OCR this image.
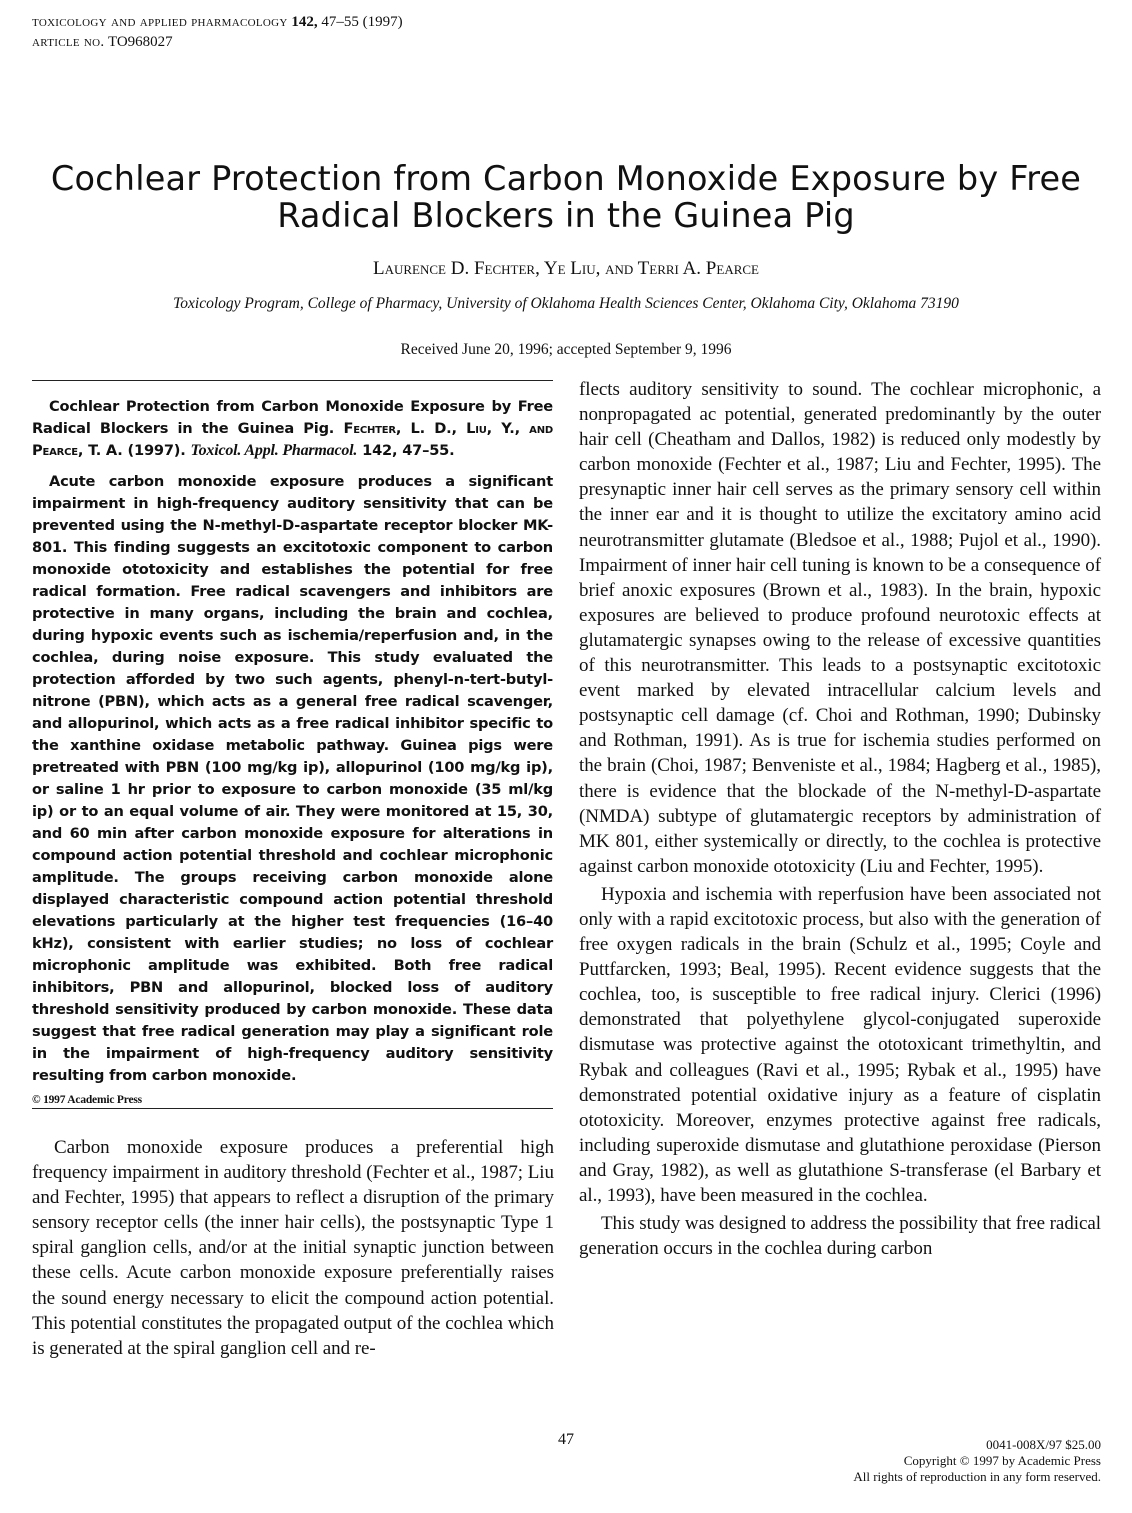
toxicology and applied pharmacology 142, 47–55 (1997)
article no. TO968027
Cochlear Protection from Carbon Monoxide Exposure by Free Radical Blockers in the Guinea Pig
Laurence D. Fechter, Ye Liu, and Terri A. Pearce
Toxicology Program, College of Pharmacy, University of Oklahoma Health Sciences Center, Oklahoma City, Oklahoma 73190
Received June 20, 1996; accepted September 9, 1996

Cochlear Protection from Carbon Monoxide Exposure by Free Radical Blockers in the Guinea Pig. Fechter, L. D., Liu, Y., and Pearce, T. A. (1997). Toxicol. Appl. Pharmacol. 142, 47–55.

Acute carbon monoxide exposure produces a significant impairment in high-frequency auditory sensitivity that can be prevented using the N-methyl-D-aspartate receptor blocker MK-801. This finding suggests an excitotoxic component to carbon monoxide ototoxicity and establishes the potential for free radical formation. Free radical scavengers and inhibitors are protective in many organs, including the brain and cochlea, during hypoxic events such as ischemia/reperfusion and, in the cochlea, during noise exposure. This study evaluated the protection afforded by two such agents, phenyl-n-tert-butyl-nitrone (PBN), which acts as a general free radical scavenger, and allopurinol, which acts as a free radical inhibitor specific to the xanthine oxidase metabolic pathway. Guinea pigs were pretreated with PBN (100 mg/kg ip), allopurinol (100 mg/kg ip), or saline 1 hr prior to exposure to carbon monoxide (35 ml/kg ip) or to an equal volume of air. They were monitored at 15, 30, and 60 min after carbon monoxide exposure for alterations in compound action potential threshold and cochlear microphonic amplitude. The groups receiving carbon monoxide alone displayed characteristic compound action potential threshold elevations particularly at the higher test frequencies (16–40 kHz), consistent with earlier studies; no loss of cochlear microphonic amplitude was exhibited. Both free radical inhibitors, PBN and allopurinol, blocked loss of auditory threshold sensitivity produced by carbon monoxide. These data suggest that free radical generation may play a significant role in the impairment of high-frequency auditory sensitivity resulting from carbon monoxide.
© 1997 Academic Press

Carbon monoxide exposure produces a preferential high frequency impairment in auditory threshold (Fechter et al., 1987; Liu and Fechter, 1995) that appears to reflect a disruption of the primary sensory receptor cells (the inner hair cells), the postsynaptic Type 1 spiral ganglion cells, and/or at the initial synaptic junction between these cells. Acute carbon monoxide exposure preferentially raises the sound energy necessary to elicit the compound action potential. This potential constitutes the propagated output of the cochlea which is generated at the spiral ganglion cell and re-

flects auditory sensitivity to sound. The cochlear microphonic, a nonpropagated ac potential, generated predominantly by the outer hair cell (Cheatham and Dallos, 1982) is reduced only modestly by carbon monoxide (Fechter et al., 1987; Liu and Fechter, 1995). The presynaptic inner hair cell serves as the primary sensory cell within the inner ear and it is thought to utilize the excitatory amino acid neurotransmitter glutamate (Bledsoe et al., 1988; Pujol et al., 1990). Impairment of inner hair cell tuning is known to be a consequence of brief anoxic exposures (Brown et al., 1983). In the brain, hypoxic exposures are believed to produce profound neurotoxic effects at glutamatergic synapses owing to the release of excessive quantities of this neurotransmitter. This leads to a postsynaptic excitotoxic event marked by elevated intracellular calcium levels and postsynaptic cell damage (cf. Choi and Rothman, 1990; Dubinsky and Rothman, 1991). As is true for ischemia studies performed on the brain (Choi, 1987; Benveniste et al., 1984; Hagberg et al., 1985), there is evidence that the blockade of the N-methyl-D-aspartate (NMDA) subtype of glutamatergic receptors by administration of MK 801, either systemically or directly, to the cochlea is protective against carbon monoxide ototoxicity (Liu and Fechter, 1995).

Hypoxia and ischemia with reperfusion have been associated not only with a rapid excitotoxic process, but also with the generation of free oxygen radicals in the brain (Schulz et al., 1995; Coyle and Puttfarcken, 1993; Beal, 1995). Recent evidence suggests that the cochlea, too, is susceptible to free radical injury. Clerici (1996) demonstrated that polyethylene glycol-conjugated superoxide dismutase was protective against the ototoxicant trimethyltin, and Rybak and colleagues (Ravi et al., 1995; Rybak et al., 1995) have demonstrated potential oxidative injury as a feature of cisplatin ototoxicity. Moreover, enzymes protective against free radicals, including superoxide dismutase and glutathione peroxidase (Pierson and Gray, 1982), as well as glutathione S-transferase (el Barbary et al., 1993), have been measured in the cochlea.

This study was designed to address the possibility that free radical generation occurs in the cochlea during carbon

47	0041-008X/97 $25.00
Copyright © 1997 by Academic Press
All rights of reproduction in any form reserved.
